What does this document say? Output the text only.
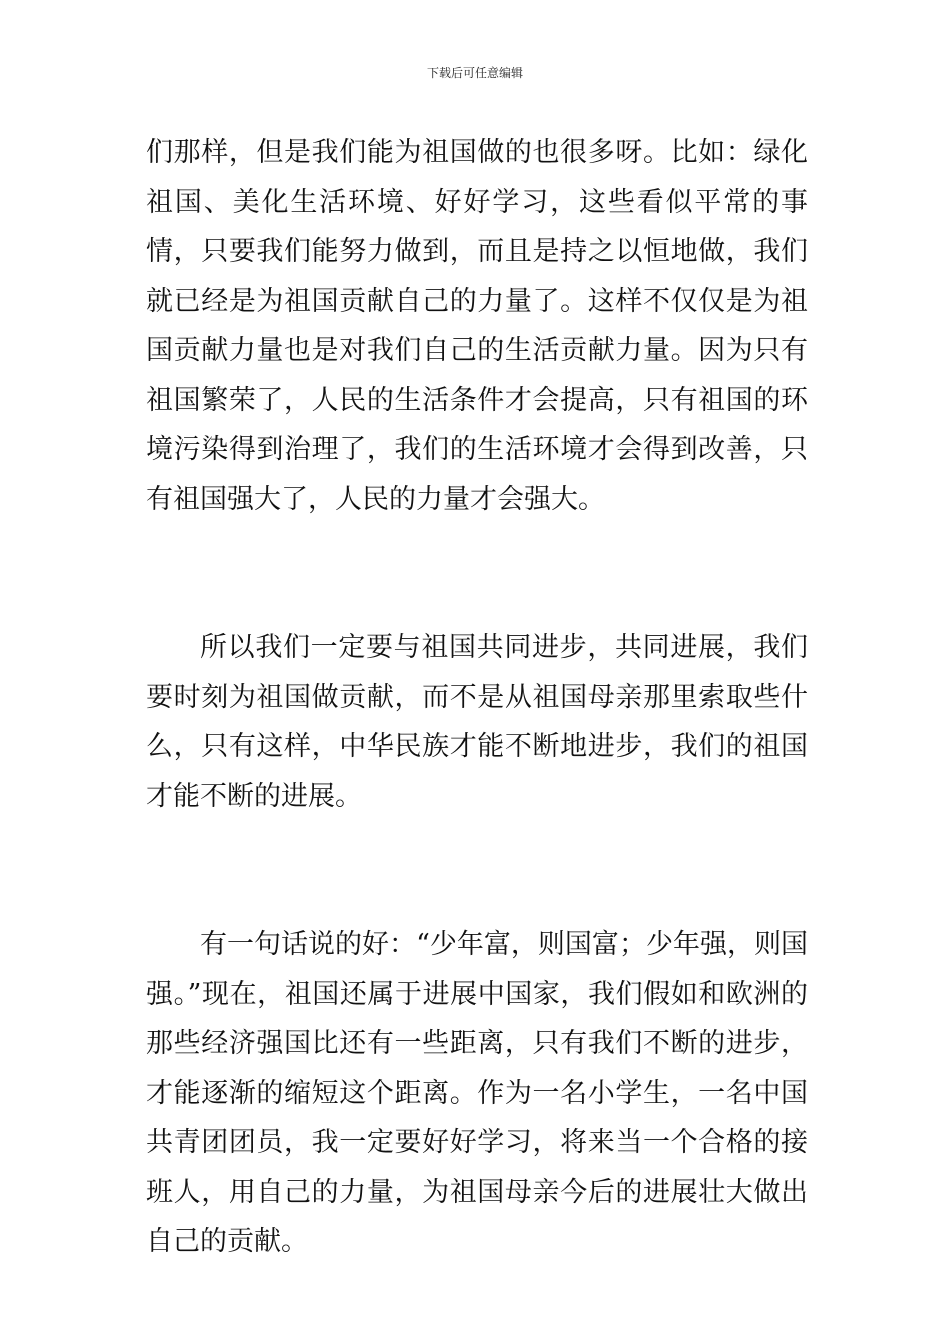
下载后可任意编辑

们那样，但是我们能为祖国做的也很多呀。比如：绿化祖国、美化生活环境、好好学习，这些看似平常的事情，只要我们能努力做到，而且是持之以恒地做，我们就已经是为祖国贡献自己的力量了。这样不仅仅是为祖国贡献力量也是对我们自己的生活贡献力量。因为只有祖国繁荣了，人民的生活条件才会提高，只有祖国的环境污染得到治理了，我们的生活环境才会得到改善，只有祖国强大了，人民的力量才会强大。

所以我们一定要与祖国共同进步，共同进展，我们要时刻为祖国做贡献，而不是从祖国母亲那里索取些什么，只有这样，中华民族才能不断地进步，我们的祖国才能不断的进展。

有一句话说的好：“少年富，则国富；少年强，则国强。”现在，祖国还属于进展中国家，我们假如和欧洲的那些经济强国比还有一些距离，只有我们不断的进步，才能逐渐的缩短这个距离。作为一名小学生，一名中国共青团团员，我一定要好好学习，将来当一个合格的接班人，用自己的力量，为祖国母亲今后的进展壮大做出自己的贡献。
